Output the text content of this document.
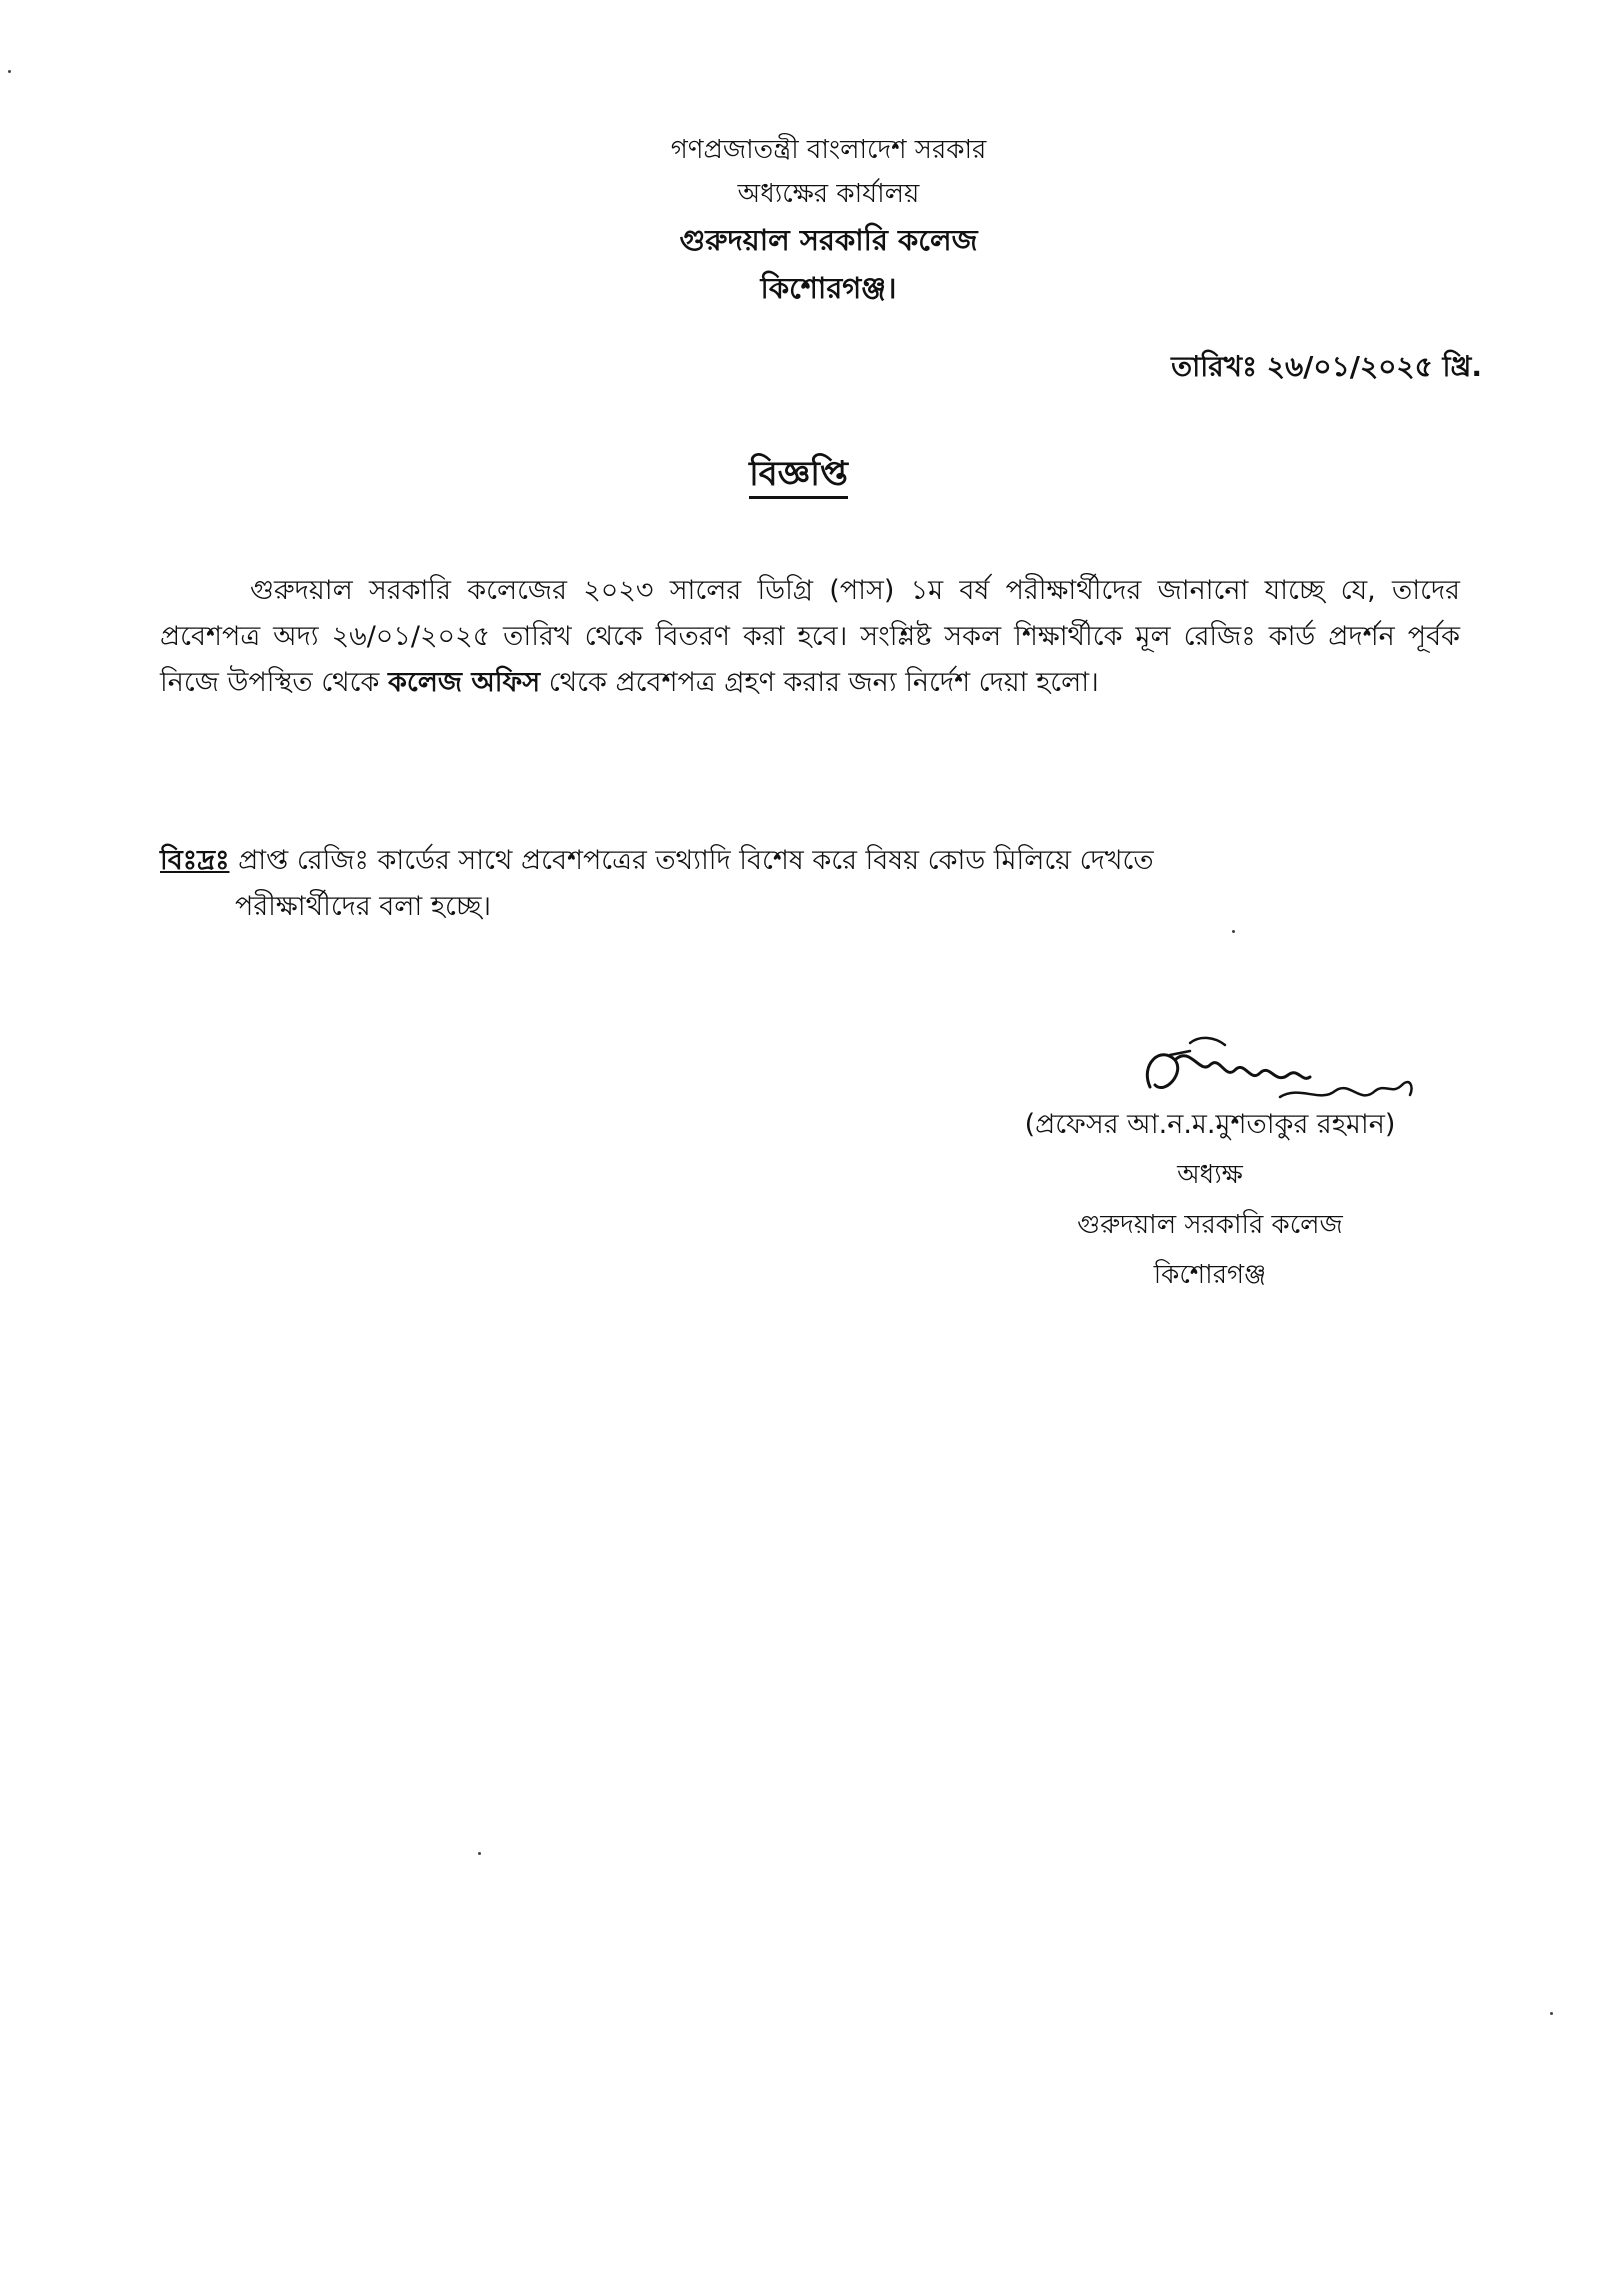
গণপ্রজাতন্ত্রী বাংলাদেশ সরকার
অধ্যক্ষের কার্যালয়
গুরুদয়াল সরকারি কলেজ
কিশোরগঞ্জ।
তারিখঃ ২৬/০১/২০২৫ খ্রি.
বিজ্ঞপ্তি
গুরুদয়াল সরকারি কলেজের ২০২৩ সালের ডিগ্রি (পাস) ১ম বর্ষ পরীক্ষার্থীদের জানানো যাচ্ছে যে, তাদের প্রবেশপত্র অদ্য ২৬/০১/২০২৫ তারিখ থেকে বিতরণ করা হবে। সংশ্লিষ্ট সকল শিক্ষার্থীকে মূল রেজিঃ কার্ড প্রদর্শন পূর্বক নিজে উপস্থিত থেকে কলেজ অফিস থেকে প্রবেশপত্র গ্রহণ করার জন্য নির্দেশ দেয়া হলো।
বিঃদ্রঃ প্রাপ্ত রেজিঃ কার্ডের সাথে প্রবেশপত্রের তথ্যাদি বিশেষ করে বিষয় কোড মিলিয়ে দেখতে
পরীক্ষার্থীদের বলা হচ্ছে।
(প্রফেসর আ.ন.ম.মুশতাকুর রহমান)
অধ্যক্ষ
গুরুদয়াল সরকারি কলেজ
কিশোরগঞ্জ
